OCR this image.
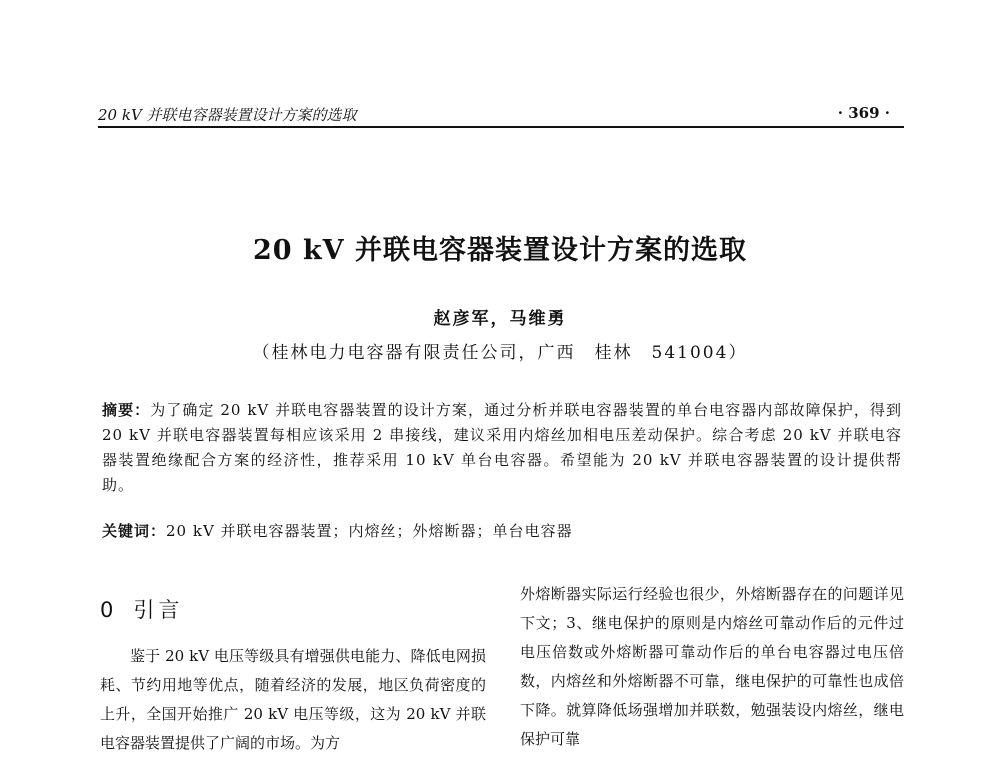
20 kV 并联电容器装置设计方案的选取	· 369 ·
20 kV 并联电容器装置设计方案的选取
赵彦军，马维勇
（桂林电力电容器有限责任公司，广西　桂林　541004）
摘要：为了确定 20 kV 并联电容器装置的设计方案，通过分析并联电容器装置的单台电容器内部故障保护，得到 20 kV 并联电容器装置每相应该采用 2 串接线，建议采用内熔丝加相电压差动保护。综合考虑 20 kV 并联电容器装置绝缘配合方案的经济性，推荐采用 10 kV 单台电容器。希望能为 20 kV 并联电容器装置的设计提供帮助。
关键词：20 kV 并联电容器装置；内熔丝；外熔断器；单台电容器
0 引言

鉴于 20 kV 电压等级具有增强供电能力、降低电网损耗、节约用地等优点，随着经济的发展，地区负荷密度的上升，全国开始推广 20 kV 电压等级，这为 20 kV 并联电容器装置提供了广阔的市场。为方

外熔断器实际运行经验也很少，外熔断器存在的问题详见下文；3、继电保护的原则是内熔丝可靠动作后的元件过电压倍数或外熔断器可靠动作后的单台电容器过电压倍数，内熔丝和外熔断器不可靠，继电保护的可靠性也成倍下降。就算降低场强增加并联数，勉强装设内熔丝，继电保护可靠
